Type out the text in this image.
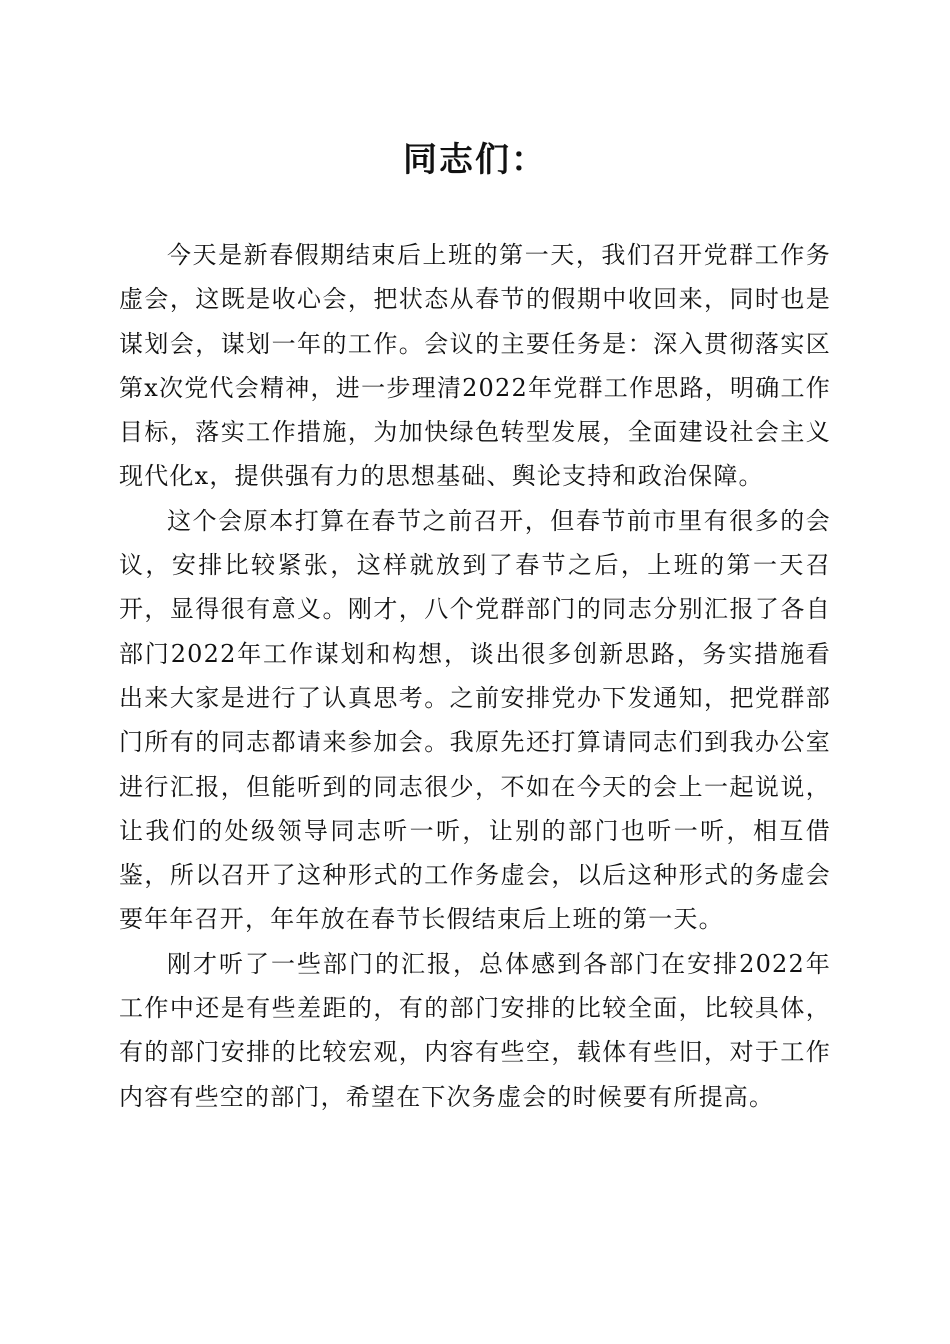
同志们：

今天是新春假期结束后上班的第一天，我们召开党群工作务虚会，这既是收心会，把状态从春节的假期中收回来，同时也是谋划会，谋划一年的工作。会议的主要任务是：深入贯彻落实区第x次党代会精神，进一步理清2022年党群工作思路，明确工作目标，落实工作措施，为加快绿色转型发展，全面建设社会主义现代化x，提供强有力的思想基础、舆论支持和政治保障。

这个会原本打算在春节之前召开，但春节前市里有很多的会议，安排比较紧张，这样就放到了春节之后，上班的第一天召开，显得很有意义。刚才，八个党群部门的同志分别汇报了各自部门2022年工作谋划和构想，谈出很多创新思路，务实措施看出来大家是进行了认真思考。之前安排党办下发通知，把党群部门所有的同志都请来参加会。我原先还打算请同志们到我办公室进行汇报，但能听到的同志很少，不如在今天的会上一起说说，让我们的处级领导同志听一听，让别的部门也听一听，相互借鉴，所以召开了这种形式的工作务虚会，以后这种形式的务虚会要年年召开，年年放在春节长假结束后上班的第一天。

刚才听了一些部门的汇报，总体感到各部门在安排2022年工作中还是有些差距的，有的部门安排的比较全面，比较具体，有的部门安排的比较宏观，内容有些空，载体有些旧，对于工作内容有些空的部门，希望在下次务虚会的时候要有所提高。
